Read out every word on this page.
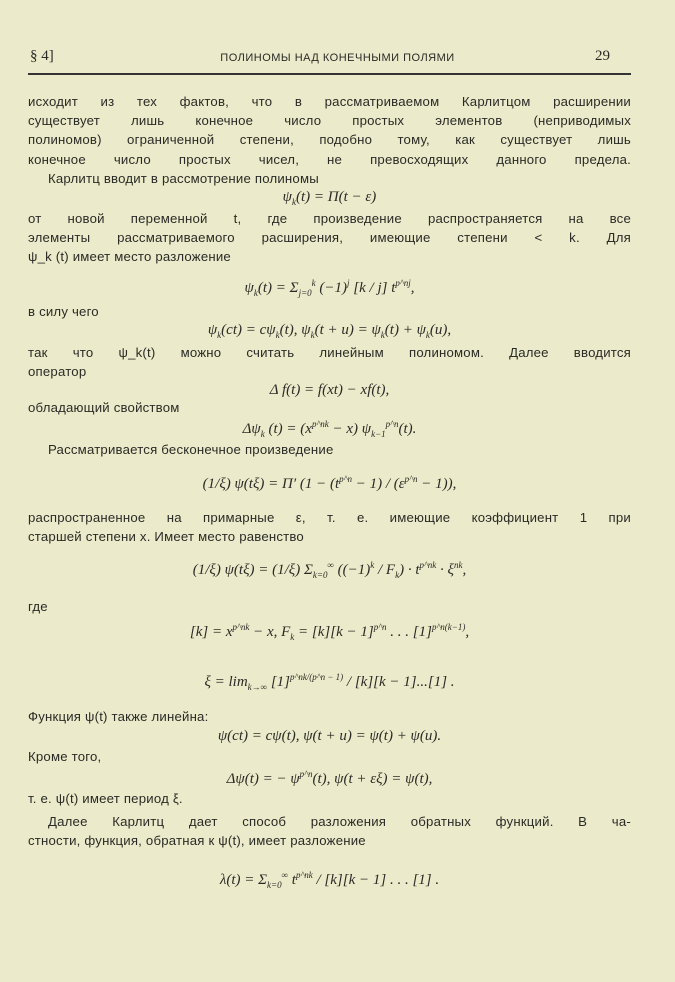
§ 4]	ПОЛИНОМЫ НАД КОНЕЧНЫМИ ПОЛЯМИ	29
исходит из тех фактов, что в рассматриваемом Карлитцом расширении
существует лишь конечное число простых элементов (неприводимых
полиномов) ограниченной степени, подобно тому, как существует лишь
конечное число простых чисел, не превосходящих данного предела.
Карлитц вводит в рассмотрение полиномы
$\psi_k(t) = \Pi(t - \varepsilon)$
от новой переменной t, где произведение распространяется на все
элементы рассматриваемого расширения, имеющие степени < k. Для
ψ_k (t) имеет место разложение
$\psi_k(t) = \Sigma_{j=0}^k$ $(-1)^j$ [k / j] $t^{p\^{}nj}$,
в силу чего
$\psi_k(ct) = c\psi_k(t)$, $\psi_k(t + u) = \psi_k(t) + \psi_k(u)$,
так что ψ_k(t) можно считать линейным полиномом. Далее вводится
оператор
Δ f(t) = f(xt) − xf(t),
обладающий свойством
$\Delta\psi_k$ $(t) = (x^{p\^{}nk} - x)$ $\psi_{k-1}^{p\^{}n}(t)$.
Рассматривается бесконечное произведение
(1/ξ) ψ(tξ) = Π′ $(1 - (t^{p\^{}n} - 1) / (\varepsilon^{p\^{}n} - 1))$,
распространенное на примарные ε, т. е. имеющие коэффициент 1 при
старшей степени x. Имеет место равенство
(1/ξ) ψ(tξ) = (1/ξ) $\Sigma_{k=0}^\infty$ $((-1)^k / F_k) \cdot t^{p\^{}nk} \cdot \xi^{nk}$,
где
$[k] = x^{p\^{}nk} - x$, $F_k = [k][k - 1]^{p\^{}n}$ . . . $[1]^{p\^{}n(k-1)}$,
$\xi = \lim_{k\to\infty} [1]^{p\^{}nk/(p\^{}n - 1)} / [k][k - 1]...[1]$ .
Функция ψ(t) также линейна:
ψ(ct) = cψ(t), ψ(t + u) = ψ(t) + ψ(u).
Кроме того,
Δψ(t) = − $\psi^{p\^{}n}(t)$, ψ(t + εξ) = ψ(t),
т. е. ψ(t) имеет период ξ.
Далее Карлитц дает способ разложения обратных функций. В ча-
стности, функция, обратная к ψ(t), имеет разложение
$\lambda(t) = \Sigma_{k=0}^\infty$ $t^{p\^{}nk} / [k][k - 1]$ . . . [1] .
